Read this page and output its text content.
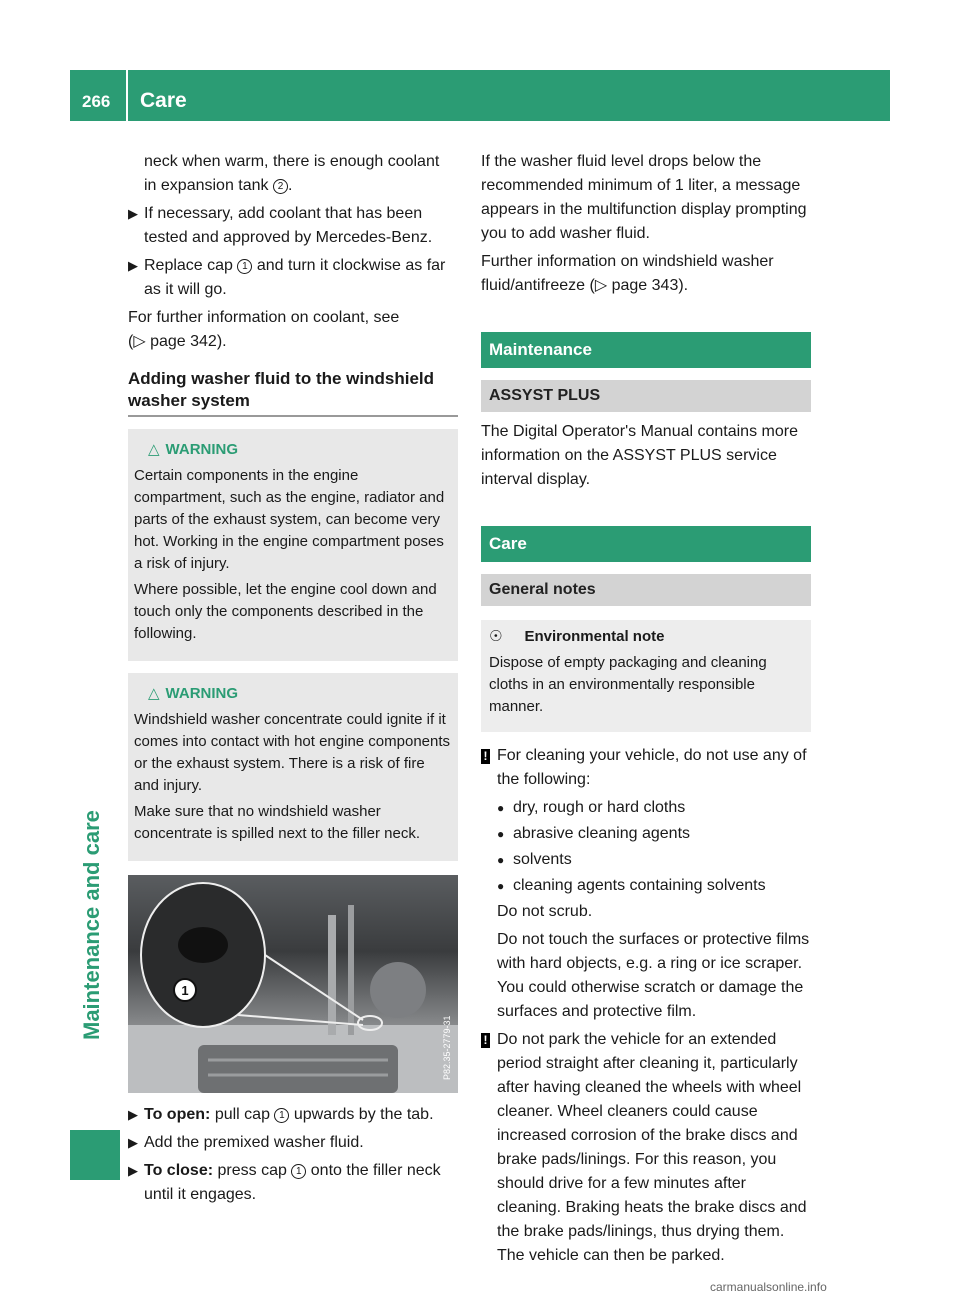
266 Care
Maintenance and care

neck when warm, there is enough coolant
in expansion tank 2 .

▶ If necessary, add coolant that has been tested and approved by Mercedes-Benz.
▶ Replace cap 1 and turn it clockwise as far as it will go.

For further information on coolant, see
(▷ page 342).

Adding washer fluid to the windshield washer system
△ WARNING

Certain components in the engine compartment, such as the engine, radiator and parts of the exhaust system, can become very hot. Working in the engine compartment poses a risk of injury.

Where possible, let the engine cool down and touch only the components described in the following.

△ WARNING

Windshield washer concentrate could ignite if it comes into contact with hot engine components or the exhaust system. There is a risk of fire and injury.

Make sure that no windshield washer concentrate is spilled next to the filler neck.

1
P82.35-2779-31
▶ To open: pull cap 1 upwards by the tab.
▶ Add the premixed washer fluid.
▶ To close: press cap 1 onto the filler neck until it engages.

If the washer fluid level drops below the recommended minimum of 1 liter, a message appears in the multifunction display prompting you to add washer fluid.

Further information on windshield washer fluid/antifreeze (▷ page 343).

Maintenance
ASSYST PLUS

The Digital Operator's Manual contains more information on the ASSYST PLUS service interval display.

Care
General notes
☉ Environmental note

Dispose of empty packaging and cleaning cloths in an environmentally responsible manner.

! For cleaning your vehicle, do not use any of the following:
● dry, rough or hard cloths
● abrasive cleaning agents
● solvents
● cleaning agents containing solvents

Do not scrub.

Do not touch the surfaces or protective films with hard objects, e.g. a ring or ice scraper. You could otherwise scratch or damage the surfaces and protective film.

! Do not park the vehicle for an extended period straight after cleaning it, particularly after having cleaned the wheels with wheel cleaner. Wheel cleaners could cause increased corrosion of the brake discs and brake pads/linings. For this reason, you should drive for a few minutes after cleaning. Braking heats the brake discs and the brake pads/linings, thus drying them. The vehicle can then be parked.
carmanualsonline.info
